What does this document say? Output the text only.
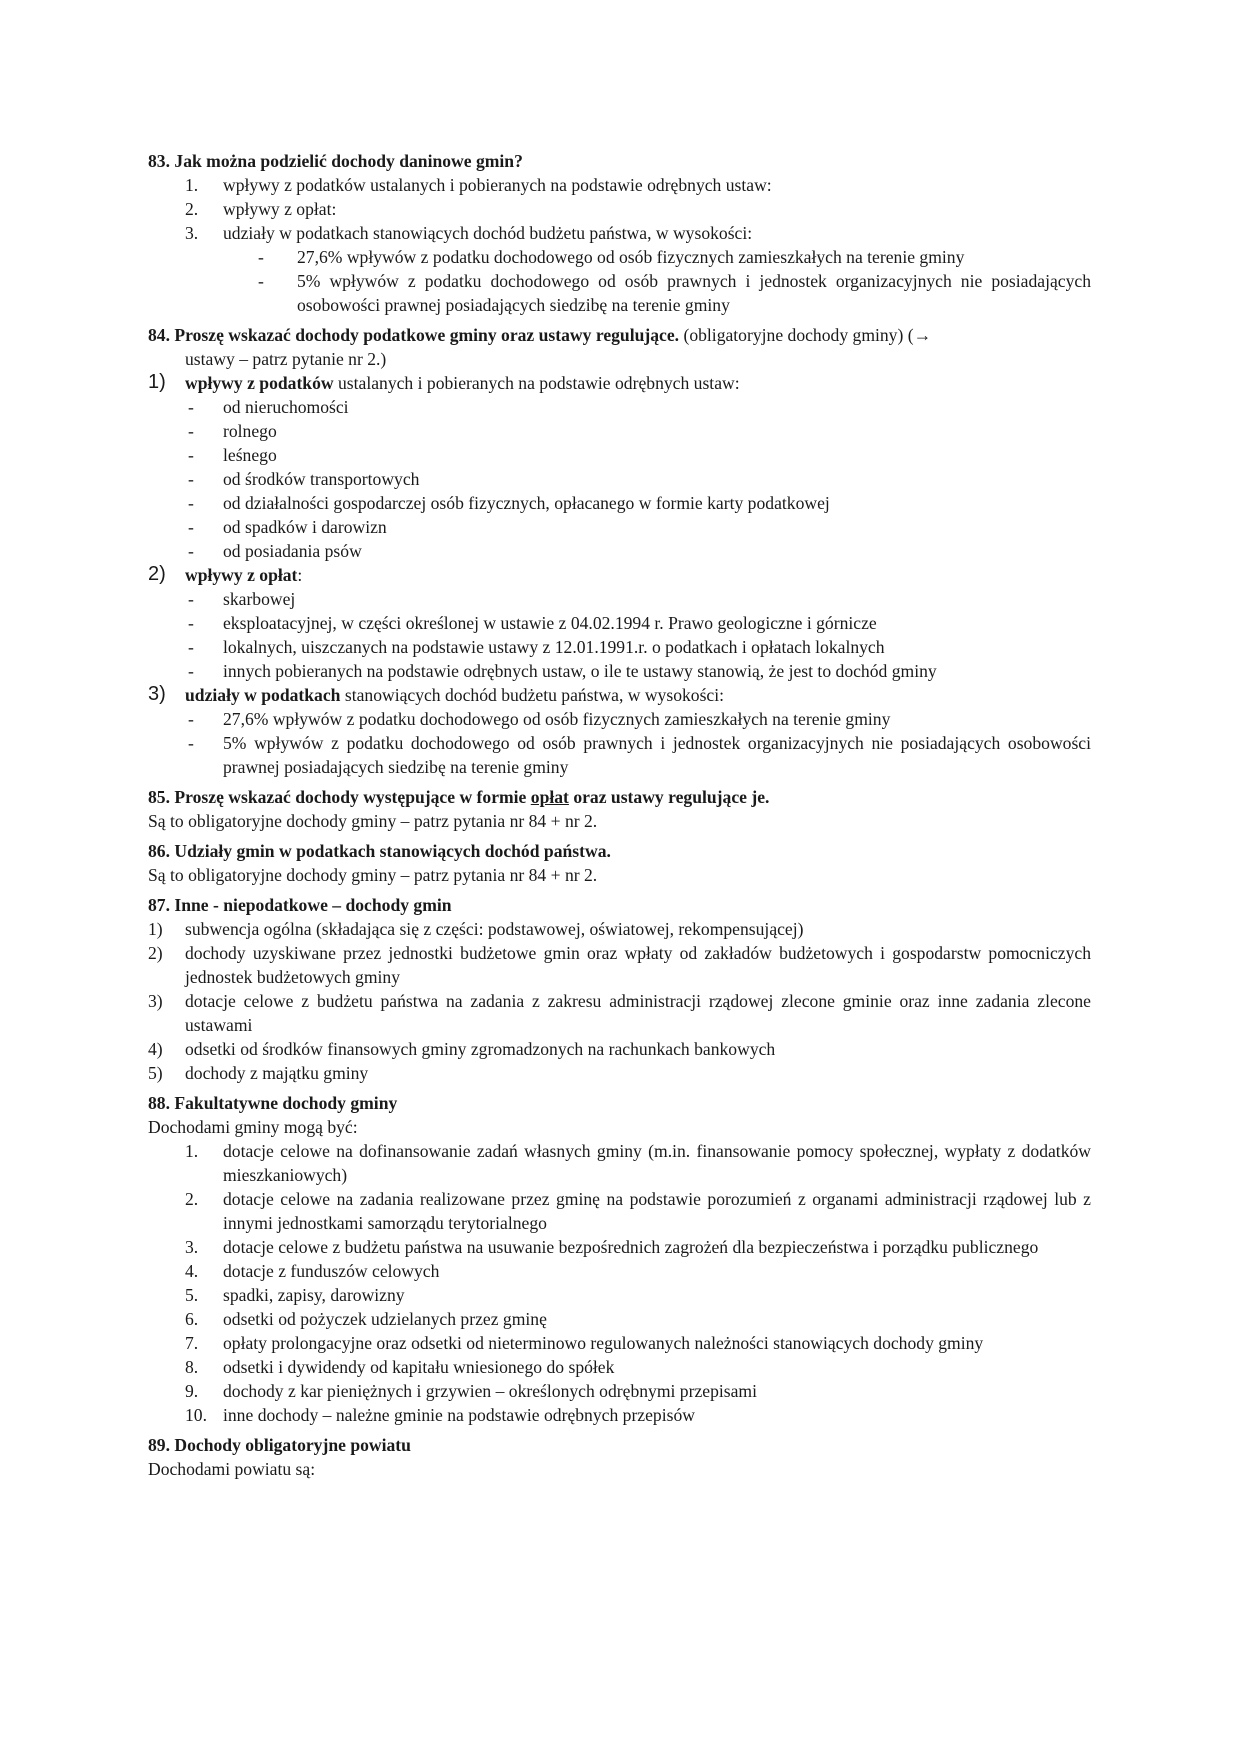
83. Jak można podzielić dochody daninowe gmin?
1. wpływy z podatków ustalanych i pobieranych na podstawie odrębnych ustaw:
2. wpływy z opłat:
3. udziały w podatkach stanowiących dochód budżetu państwa, w wysokości:
- 27,6% wpływów z podatku dochodowego od osób fizycznych zamieszkałych na terenie gminy
- 5% wpływów z podatku dochodowego od osób prawnych i jednostek organizacyjnych nie posiadających osobowości prawnej posiadających siedzibę na terenie gminy
84. Proszę wskazać dochody podatkowe gminy oraz ustawy regulujące. (obligatoryjne dochody gminy) (→
ustawy – patrz pytanie nr 2.)
1) wpływy z podatków ustalanych i pobieranych na podstawie odrębnych ustaw:
- od nieruchomości
- rolnego
- leśnego
- od środków transportowych
- od działalności gospodarczej osób fizycznych, opłacanego w formie karty podatkowej
- od spadków i darowizn
- od posiadania psów
2) wpływy z opłat:
- skarbowej
- eksploatacyjnej, w części określonej w ustawie z 04.02.1994 r. Prawo geologiczne i górnicze
- lokalnych, uiszczanych na podstawie ustawy z 12.01.1991.r. o podatkach i opłatach lokalnych
- innych pobieranych na podstawie odrębnych ustaw, o ile te ustawy stanowią, że jest to dochód gminy
3) udziały w podatkach stanowiących dochód budżetu państwa, w wysokości:
- 27,6% wpływów z podatku dochodowego od osób fizycznych zamieszkałych na terenie gminy
- 5% wpływów z podatku dochodowego od osób prawnych i jednostek organizacyjnych nie posiadających osobowości prawnej posiadających siedzibę na terenie gminy
85. Proszę wskazać dochody występujące w formie opłat oraz ustawy regulujące je.
Są to obligatoryjne dochody gminy – patrz pytania nr 84 + nr 2.
86. Udziały gmin w podatkach stanowiących dochód państwa.
Są to obligatoryjne dochody gminy – patrz pytania nr 84 + nr 2.
87. Inne - niepodatkowe – dochody gmin
1) subwencja ogólna (składająca się z części: podstawowej, oświatowej, rekompensującej)
2) dochody uzyskiwane przez jednostki budżetowe gmin oraz wpłaty od zakładów budżetowych i gospodarstw pomocniczych jednostek budżetowych gminy
3) dotacje celowe z budżetu państwa na zadania z zakresu administracji rządowej zlecone gminie oraz inne zadania zlecone ustawami
4) odsetki od środków finansowych gminy zgromadzonych na rachunkach bankowych
5) dochody z majątku gminy
88. Fakultatywne dochody gminy
Dochodami gminy mogą być:
1. dotacje celowe na dofinansowanie zadań własnych gminy (m.in. finansowanie pomocy społecznej, wypłaty z dodatków mieszkaniowych)
2. dotacje celowe na zadania realizowane przez gminę na podstawie porozumień z organami administracji rządowej lub z innymi jednostkami samorządu terytorialnego
3. dotacje celowe z budżetu państwa na usuwanie bezpośrednich zagrożeń dla bezpieczeństwa i porządku publicznego
4. dotacje z funduszów celowych
5. spadki, zapisy, darowizny
6. odsetki od pożyczek udzielanych przez gminę
7. opłaty prolongacyjne oraz odsetki od nieterminowo regulowanych należności stanowiących dochody gminy
8. odsetki i dywidendy od kapitału wniesionego do spółek
9. dochody z kar pieniężnych i grzywien – określonych odrębnymi przepisami
10. inne dochody – należne gminie na podstawie odrębnych przepisów
89. Dochody obligatoryjne powiatu
Dochodami powiatu są:
